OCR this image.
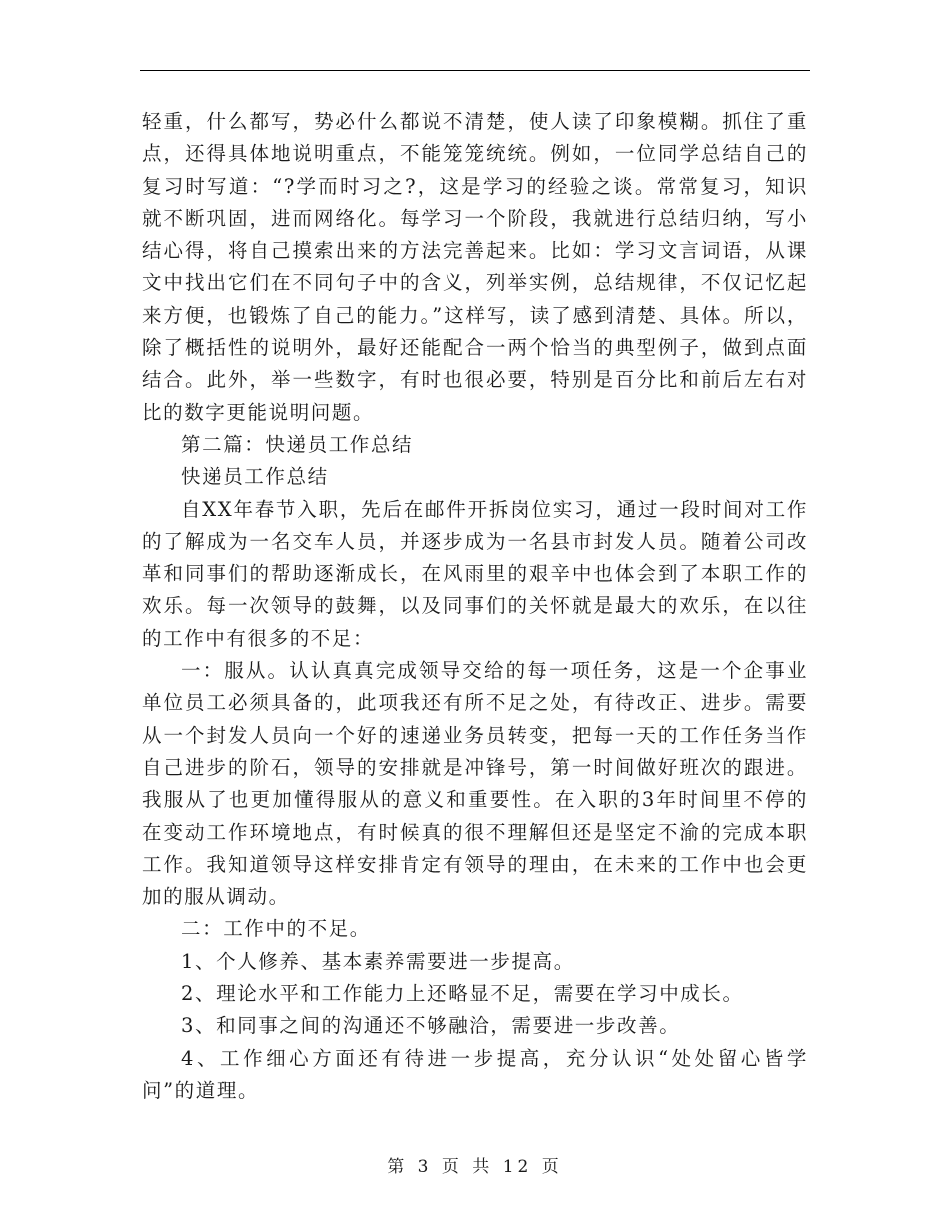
轻重，什么都写，势必什么都说不清楚，使人读了印象模糊。抓住了重点，还得具体地说明重点，不能笼笼统统。例如，一位同学总结自己的复习时写道：“?学而时习之?，这是学习的经验之谈。常常复习，知识就不断巩固，进而网络化。每学习一个阶段，我就进行总结归纳，写小结心得，将自己摸索出来的方法完善起来。比如：学习文言词语，从课文中找出它们在不同句子中的含义，列举实例，总结规律，不仅记忆起来方便，也锻炼了自己的能力。”这样写，读了感到清楚、具体。所以，除了概括性的说明外，最好还能配合一两个恰当的典型例子，做到点面结合。此外，举一些数字，有时也很必要，特别是百分比和前后左右对比的数字更能说明问题。

第二篇：快递员工作总结

快递员工作总结

自XX年春节入职，先后在邮件开拆岗位实习，通过一段时间对工作的了解成为一名交车人员，并逐步成为一名县市封发人员。随着公司改革和同事们的帮助逐渐成长，在风雨里的艰辛中也体会到了本职工作的欢乐。每一次领导的鼓舞，以及同事们的关怀就是最大的欢乐，在以往的工作中有很多的不足：

一：服从。认认真真完成领导交给的每一项任务，这是一个企事业单位员工必须具备的，此项我还有所不足之处，有待改正、进步。需要从一个封发人员向一个好的速递业务员转变，把每一天的工作任务当作自己进步的阶石，领导的安排就是冲锋号，第一时间做好班次的跟进。我服从了也更加懂得服从的意义和重要性。在入职的3年时间里不停的在变动工作环境地点，有时候真的很不理解但还是坚定不渝的完成本职工作。我知道领导这样安排肯定有领导的理由，在未来的工作中也会更加的服从调动。

二：工作中的不足。

1、个人修养、基本素养需要进一步提高。

2、理论水平和工作能力上还略显不足，需要在学习中成长。

3、和同事之间的沟通还不够融洽，需要进一步改善。

4、工作细心方面还有待进一步提高，充分认识“处处留心皆学问”的道理。

第 3 页 共 12 页
